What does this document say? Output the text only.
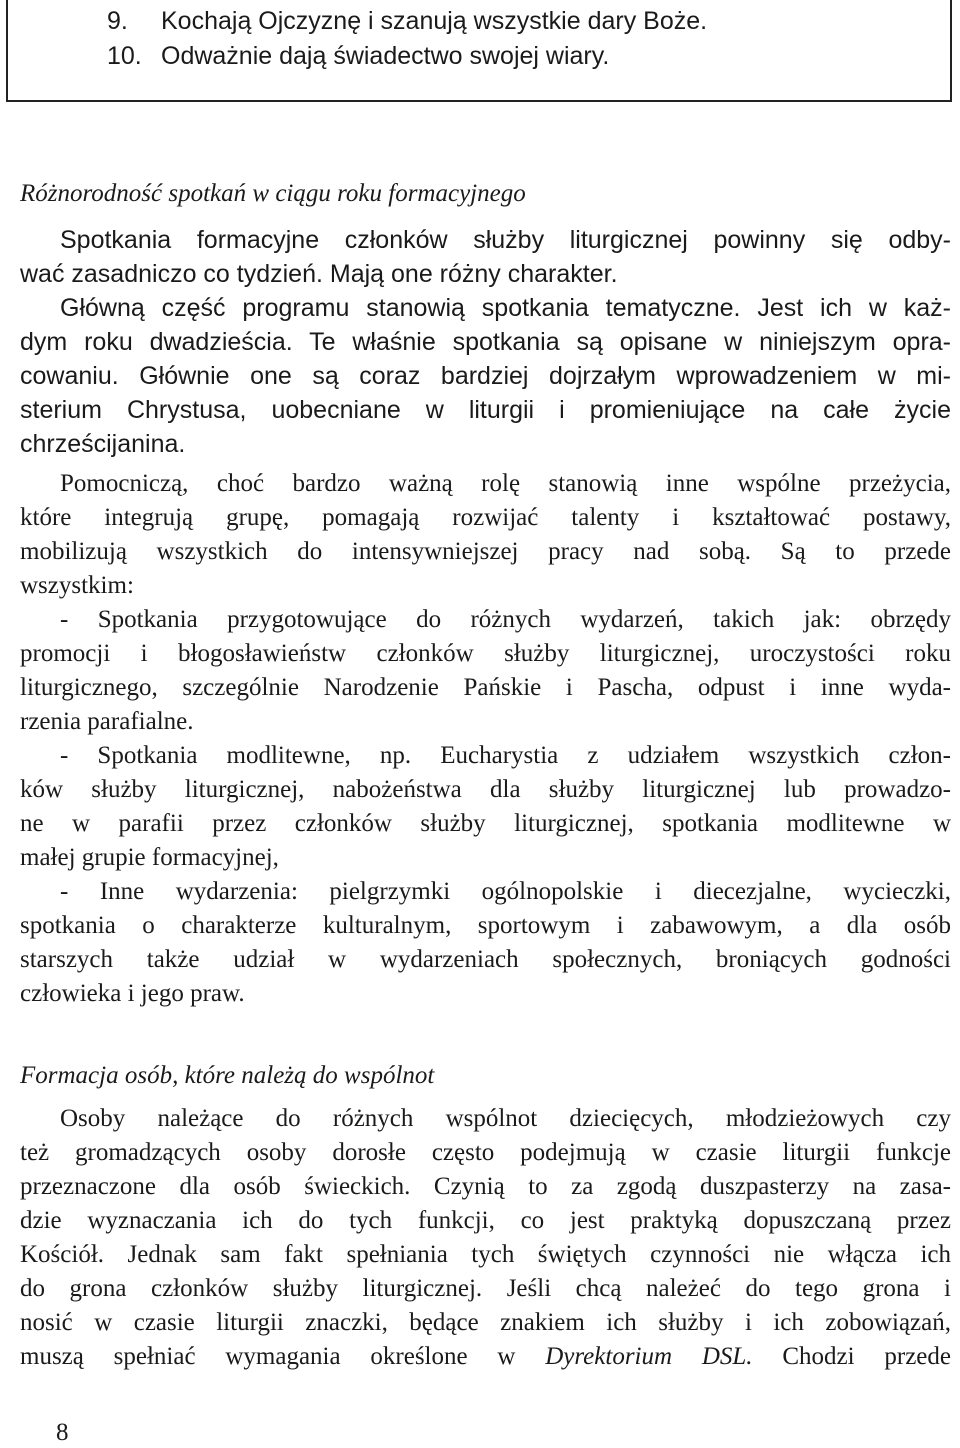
9. Kochają Ojczyznę i szanują wszystkie dary Boże.
10. Odważnie dają świadectwo swojej wiary.
Różnorodność spotkań w ciągu roku formacyjnego
Spotkania formacyjne członków służby liturgicznej powinny się odby-
wać zasadniczo co tydzień. Mają one różny charakter.
Główną część programu stanowią spotkania tematyczne. Jest ich w każ-
dym roku dwadzieścia. Te właśnie spotkania są opisane w niniejszym opra-
cowaniu. Głównie one są coraz bardziej dojrzałym wprowadzeniem w mi-
sterium Chrystusa, uobecniane w liturgii i promieniujące na całe życie
chrześcijanina.
Pomocniczą, choć bardzo ważną rolę stanowią inne wspólne przeżycia,
które integrują grupę, pomagają rozwijać talenty i kształtować postawy,
mobilizują wszystkich do intensywniejszej pracy nad sobą. Są to przede
wszystkim:
- Spotkania przygotowujące do różnych wydarzeń, takich jak: obrzędy
promocji i błogosławieństw członków służby liturgicznej, uroczystości roku
liturgicznego, szczególnie Narodzenie Pańskie i Pascha, odpust i inne wyda-
rzenia parafialne.
- Spotkania modlitewne, np. Eucharystia z udziałem wszystkich człon-
ków służby liturgicznej, nabożeństwa dla służby liturgicznej lub prowadzo-
ne w parafii przez członków służby liturgicznej, spotkania modlitewne w
małej grupie formacyjnej,
- Inne wydarzenia: pielgrzymki ogólnopolskie i diecezjalne, wycieczki,
spotkania o charakterze kulturalnym, sportowym i zabawowym, a dla osób
starszych także udział w wydarzeniach społecznych, broniących godności
człowieka i jego praw.
Formacja osób, które należą do wspólnot
Osoby należące do różnych wspólnot dziecięcych, młodzieżowych czy
też gromadzących osoby dorosłe często podejmują w czasie liturgii funkcje
przeznaczone dla osób świeckich. Czynią to za zgodą duszpasterzy na zasa-
dzie wyznaczania ich do tych funkcji, co jest praktyką dopuszczaną przez
Kościół. Jednak sam fakt spełniania tych świętych czynności nie włącza ich
do grona członków służby liturgicznej. Jeśli chcą należeć do tego grona i
nosić w czasie liturgii znaczki, będące znakiem ich służby i ich zobowiązań,
muszą spełniać wymagania określone w Dyrektorium DSL. Chodzi przede
8
